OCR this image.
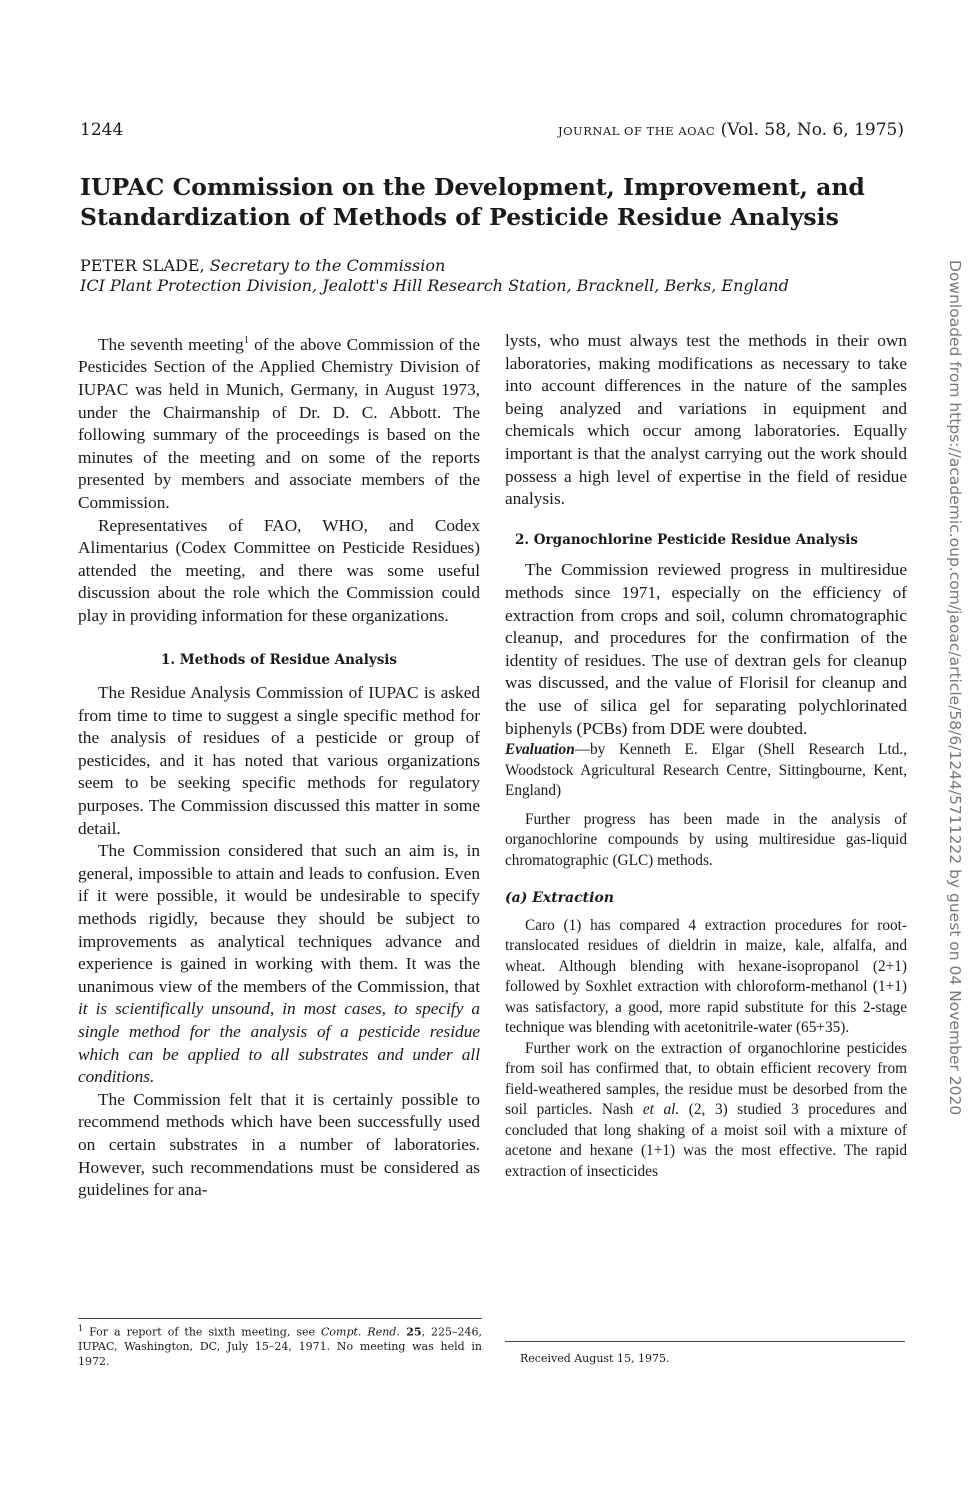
1244	JOURNAL OF THE AOAC (Vol. 58, No. 6, 1975)
IUPAC Commission on the Development, Improvement, and
Standardization of Methods of Pesticide Residue Analysis
PETER SLADE, Secretary to the Commission
ICI Plant Protection Division, Jealott's Hill Research Station, Bracknell, Berks, England

The seventh meeting$^1$ of the above Commission of the Pesticides Section of the Applied Chemistry Division of IUPAC was held in Munich, Germany, in August 1973, under the Chairmanship of Dr. D. C. Abbott. The following summary of the proceedings is based on the minutes of the meeting and on some of the reports presented by members and associate members of the Commission.

Representatives of FAO, WHO, and Codex Alimentarius (Codex Committee on Pesticide Residues) attended the meeting, and there was some useful discussion about the role which the Commission could play in providing information for these organizations.

1. Methods of Residue Analysis

The Residue Analysis Commission of IUPAC is asked from time to time to suggest a single specific method for the analysis of residues of a pesticide or group of pesticides, and it has noted that various organizations seem to be seeking specific methods for regulatory purposes. The Commission discussed this matter in some detail.

The Commission considered that such an aim is, in general, impossible to attain and leads to confusion. Even if it were possible, it would be undesirable to specify methods rigidly, because they should be subject to improvements as analytical techniques advance and experience is gained in working with them. It was the unanimous view of the members of the Commission, that it is scientifically unsound, in most cases, to specify a single method for the analysis of a pesticide residue which can be applied to all substrates and under all conditions.

The Commission felt that it is certainly possible to recommend methods which have been successfully used on certain substrates in a number of laboratories. However, such recommendations must be considered as guidelines for ana-

lysts, who must always test the methods in their own laboratories, making modifications as necessary to take into account differences in the nature of the samples being analyzed and variations in equipment and chemicals which occur among laboratories. Equally important is that the analyst carrying out the work should possess a high level of expertise in the field of residue analysis.

2. Organochlorine Pesticide Residue Analysis

The Commission reviewed progress in multiresidue methods since 1971, especially on the efficiency of extraction from crops and soil, column chromatographic cleanup, and procedures for the confirmation of the identity of residues. The use of dextran gels for cleanup was discussed, and the value of Florisil for cleanup and the use of silica gel for separating polychlorinated biphenyls (PCBs) from DDE were doubted.

Evaluation—by Kenneth E. Elgar (Shell Research Ltd., Woodstock Agricultural Research Centre, Sittingbourne, Kent, England)

Further progress has been made in the analysis of organochlorine compounds by using multiresidue gas-liquid chromatographic (GLC) methods.

(a) Extraction

Caro (1) has compared 4 extraction procedures for root-translocated residues of dieldrin in maize, kale, alfalfa, and wheat. Although blending with hexane-isopropanol (2+1) followed by Soxhlet extraction with chloroform-methanol (1+1) was satisfactory, a good, more rapid substitute for this 2-stage technique was blending with acetonitrile-water (65+35).

Further work on the extraction of organochlorine pesticides from soil has confirmed that, to obtain efficient recovery from field-weathered samples, the residue must be desorbed from the soil particles. Nash et al. (2, 3) studied 3 procedures and concluded that long shaking of a moist soil with a mixture of acetone and hexane (1+1) was the most effective. The rapid extraction of insecticides

$^1$ For a report of the sixth meeting, see Compt. Rend. 25, 225–246, IUPAC, Washington, DC, July 15–24, 1971. No meeting was held in 1972.	Received August 15, 1975.
Downloaded from https://academic.oup.com/jaoac/article/58/6/1244/5711222 by guest on 04 November 2020
